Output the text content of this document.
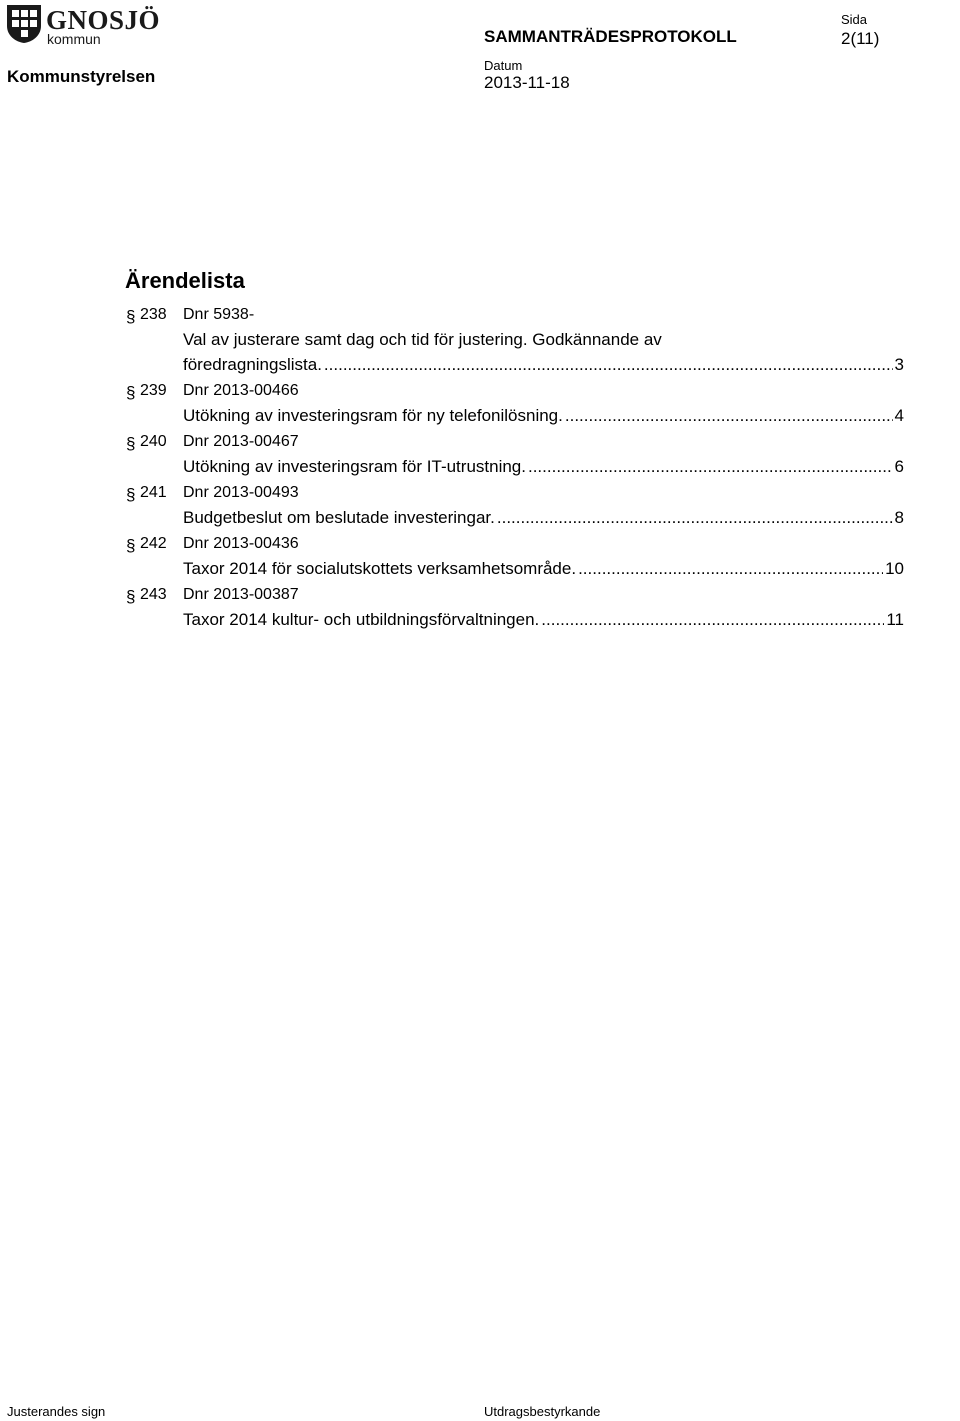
GNOSJÖ
kommun
Kommunstyrelsen
SAMMANTRÄDESPROTOKOLL
Sida
2(11)
Datum
2013-11-18
Ärendelista
§ 238 Dnr 5938-
Val av justerare samt dag och tid för justering. Godkännande av
föredragningslista. .....	3
§ 239 Dnr 2013-00466
Utökning av investeringsram för ny telefonilösning. .....	4
§ 240 Dnr 2013-00467
Utökning av investeringsram för IT-utrustning. .....	6
§ 241 Dnr 2013-00493
Budgetbeslut om beslutade investeringar. .....	8
§ 242 Dnr 2013-00436
Taxor 2014 för socialutskottets verksamhetsområde. .....	10
§ 243 Dnr 2013-00387
Taxor 2014 kultur- och utbildningsförvaltningen. .....	11
Justerandes sign	Utdragsbestyrkande
